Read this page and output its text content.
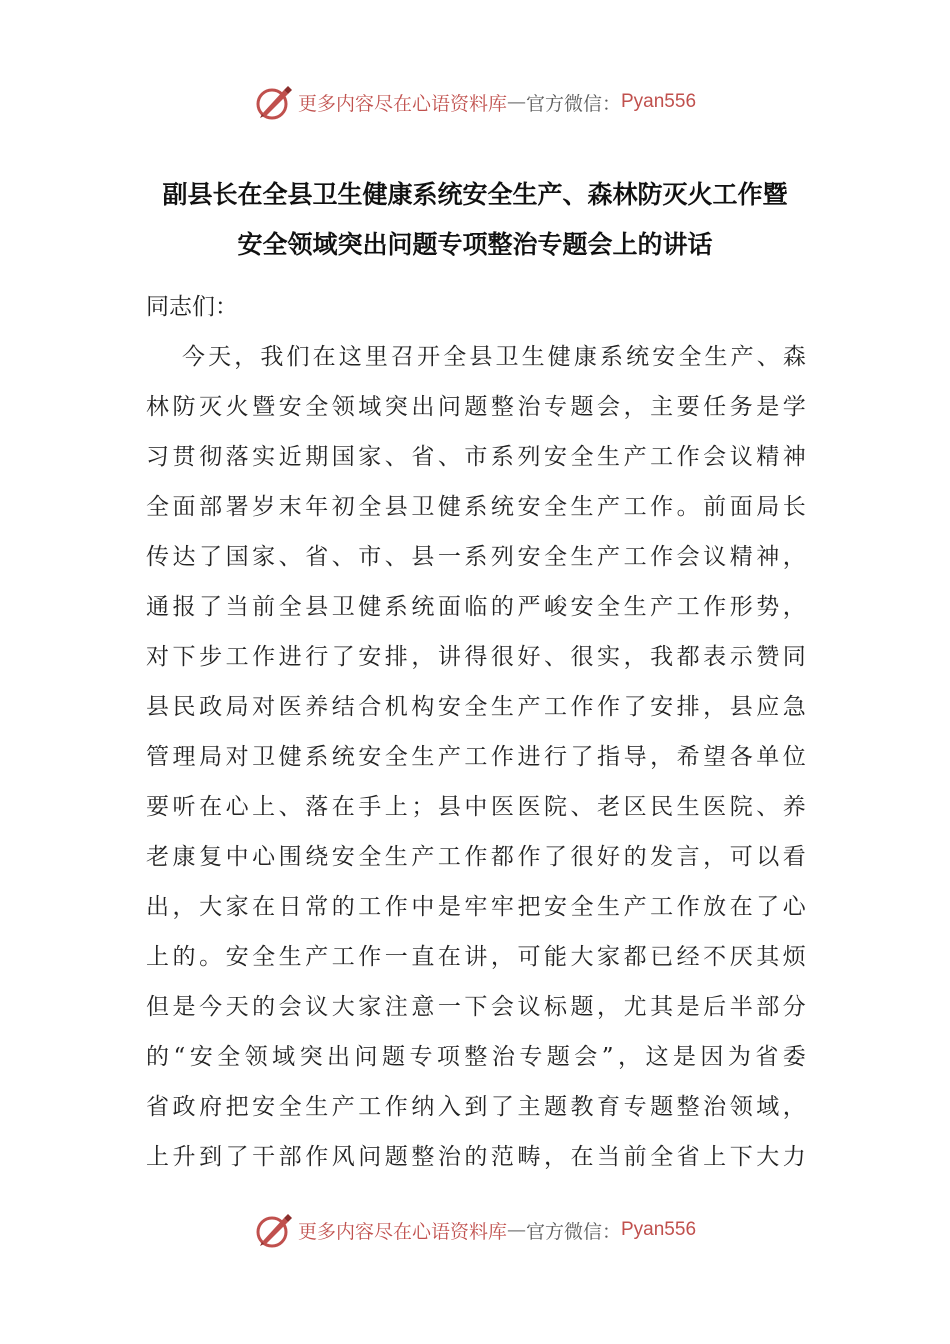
更多内容尽在心语资料库 — 官方微信： Pyan556
副县长在全县卫生健康系统安全生产、森林防灭火工作暨
安全领域突出问题专项整治专题会上的讲话
同志们：
今 天 ， 我 们 在 这 里 召 开 全 县 卫 生 健 康 系 统 安 全 生 产 、 森
林 防 灭 火 暨 安 全 领 域 突 出 问 题 整 治 专 题 会 ， 主 要 任 务 是 学
习 贯 彻 落 实 近 期 国 家 、 省 、 市 系 列 安 全 生 产 工 作 会 议 精 神
全 面 部 署 岁 末 年 初 全 县 卫 健 系 统 安 全 生 产 工 作 。 前 面 局 长
传 达 了 国 家 、 省 、 市 、 县 一 系 列 安 全 生 产 工 作 会 议 精 神 ，
通 报 了 当 前 全 县 卫 健 系 统 面 临 的 严 峻 安 全 生 产 工 作 形 势 ，
对 下 步 工 作 进 行 了 安 排 ， 讲 得 很 好 、 很 实 ， 我 都 表 示 赞 同
县 民 政 局 对 医 养 结 合 机 构 安 全 生 产 工 作 作 了 安 排 ， 县 应 急
管 理 局 对 卫 健 系 统 安 全 生 产 工 作 进 行 了 指 导 ， 希 望 各 单 位
要 听 在 心 上 、 落 在 手 上 ； 县 中 医 医 院 、 老 区 民 生 医 院 、 养
老 康 复 中 心 围 绕 安 全 生 产 工 作 都 作 了 很 好 的 发 言 ， 可 以 看
出 ， 大 家 在 日 常 的 工 作 中 是 牢 牢 把 安 全 生 产 工 作 放 在 了 心
上 的 。 安 全 生 产 工 作 一 直 在 讲 ， 可 能 大 家 都 已 经 不 厌 其 烦
但 是 今 天 的 会 议 大 家 注 意 一 下 会 议 标 题 ， 尤 其 是 后 半 部 分
的 “ 安 全 领 域 突 出 问 题 专 项 整 治 专 题 会 ” ， 这 是 因 为 省 委
省 政 府 把 安 全 生 产 工 作 纳 入 到 了 主 题 教 育 专 题 整 治 领 域 ，
上 升 到 了 干 部 作 风 问 题 整 治 的 范 畴 ， 在 当 前 全 省 上 下 大 力
更多内容尽在心语资料库 — 官方微信： Pyan556
